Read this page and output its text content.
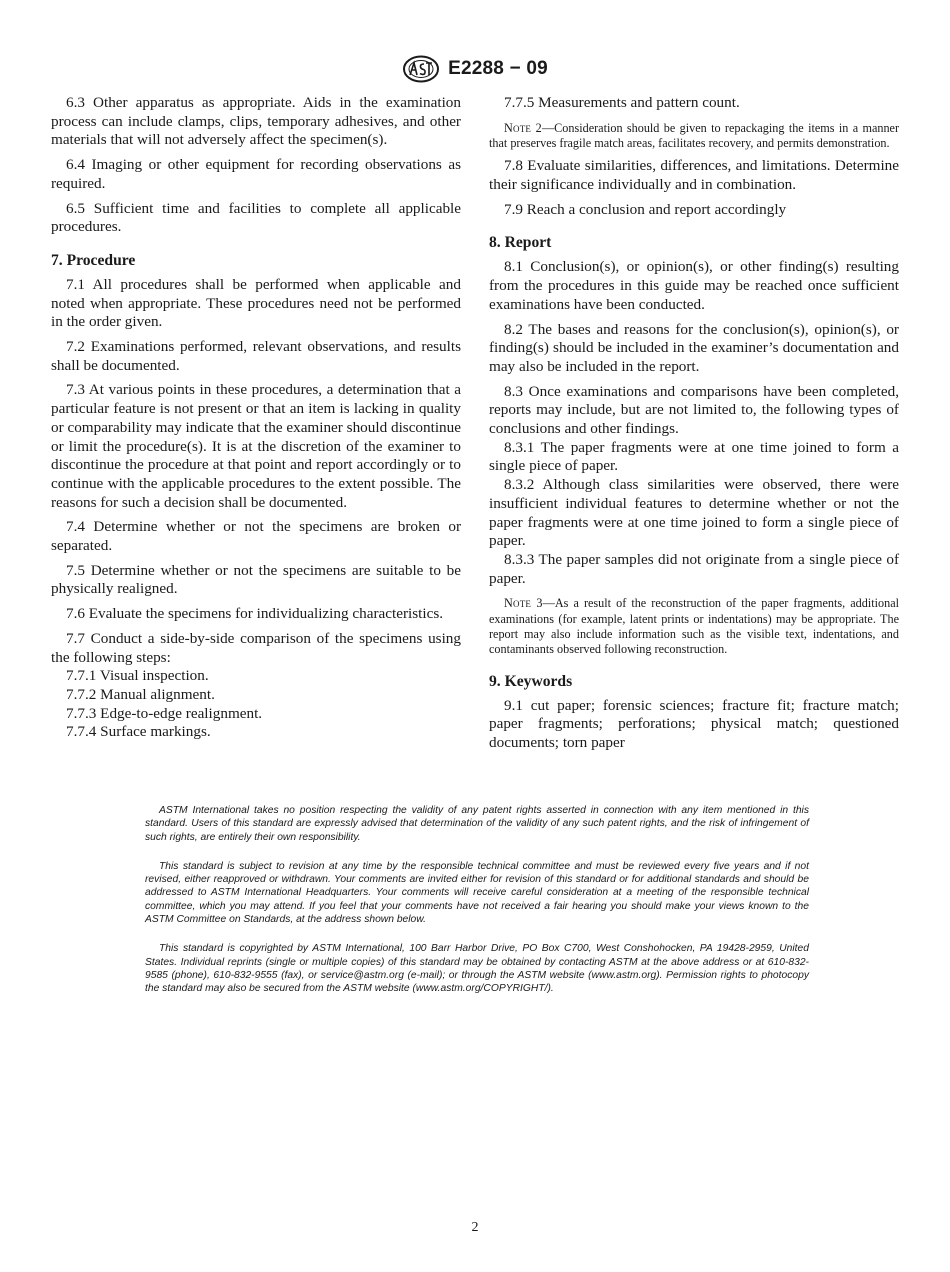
E2288 − 09

6.3 Other apparatus as appropriate. Aids in the examination process can include clamps, clips, temporary adhesives, and other materials that will not adversely affect the specimen(s).

6.4 Imaging or other equipment for recording observations as required.

6.5 Sufficient time and facilities to complete all applicable procedures.

7. Procedure

7.1 All procedures shall be performed when applicable and noted when appropriate. These procedures need not be performed in the order given.

7.2 Examinations performed, relevant observations, and results shall be documented.

7.3 At various points in these procedures, a determination that a particular feature is not present or that an item is lacking in quality or comparability may indicate that the examiner should discontinue or limit the procedure(s). It is at the discretion of the examiner to discontinue the procedure at that point and report accordingly or to continue with the applicable procedures to the extent possible. The reasons for such a decision shall be documented.

7.4 Determine whether or not the specimens are broken or separated.

7.5 Determine whether or not the specimens are suitable to be physically realigned.

7.6 Evaluate the specimens for individualizing characteristics.

7.7 Conduct a side-by-side comparison of the specimens using the following steps:

7.7.1 Visual inspection.

7.7.2 Manual alignment.

7.7.3 Edge-to-edge realignment.

7.7.4 Surface markings.

7.7.5 Measurements and pattern count.

Note 2—Consideration should be given to repackaging the items in a manner that preserves fragile match areas, facilitates recovery, and permits demonstration.

7.8 Evaluate similarities, differences, and limitations. Determine their significance individually and in combination.

7.9 Reach a conclusion and report accordingly

8. Report

8.1 Conclusion(s), or opinion(s), or other finding(s) resulting from the procedures in this guide may be reached once sufficient examinations have been conducted.

8.2 The bases and reasons for the conclusion(s), opinion(s), or finding(s) should be included in the examiner’s documentation and may also be included in the report.

8.3 Once examinations and comparisons have been completed, reports may include, but are not limited to, the following types of conclusions and other findings.

8.3.1 The paper fragments were at one time joined to form a single piece of paper.

8.3.2 Although class similarities were observed, there were insufficient individual features to determine whether or not the paper fragments were at one time joined to form a single piece of paper.

8.3.3 The paper samples did not originate from a single piece of paper.

Note 3—As a result of the reconstruction of the paper fragments, additional examinations (for example, latent prints or indentations) may be appropriate. The report may also include information such as the visible text, indentations, and contaminants observed following reconstruction.

9. Keywords

9.1 cut paper; forensic sciences; fracture fit; fracture match; paper fragments; perforations; physical match; questioned documents; torn paper

ASTM International takes no position respecting the validity of any patent rights asserted in connection with any item mentioned in this standard. Users of this standard are expressly advised that determination of the validity of any such patent rights, and the risk of infringement of such rights, are entirely their own responsibility.

This standard is subject to revision at any time by the responsible technical committee and must be reviewed every five years and if not revised, either reapproved or withdrawn. Your comments are invited either for revision of this standard or for additional standards and should be addressed to ASTM International Headquarters. Your comments will receive careful consideration at a meeting of the responsible technical committee, which you may attend. If you feel that your comments have not received a fair hearing you should make your views known to the ASTM Committee on Standards, at the address shown below.

This standard is copyrighted by ASTM International, 100 Barr Harbor Drive, PO Box C700, West Conshohocken, PA 19428-2959, United States. Individual reprints (single or multiple copies) of this standard may be obtained by contacting ASTM at the above address or at 610-832-9585 (phone), 610-832-9555 (fax), or service@astm.org (e-mail); or through the ASTM website (www.astm.org). Permission rights to photocopy the standard may also be secured from the ASTM website (www.astm.org/COPYRIGHT/).

2
